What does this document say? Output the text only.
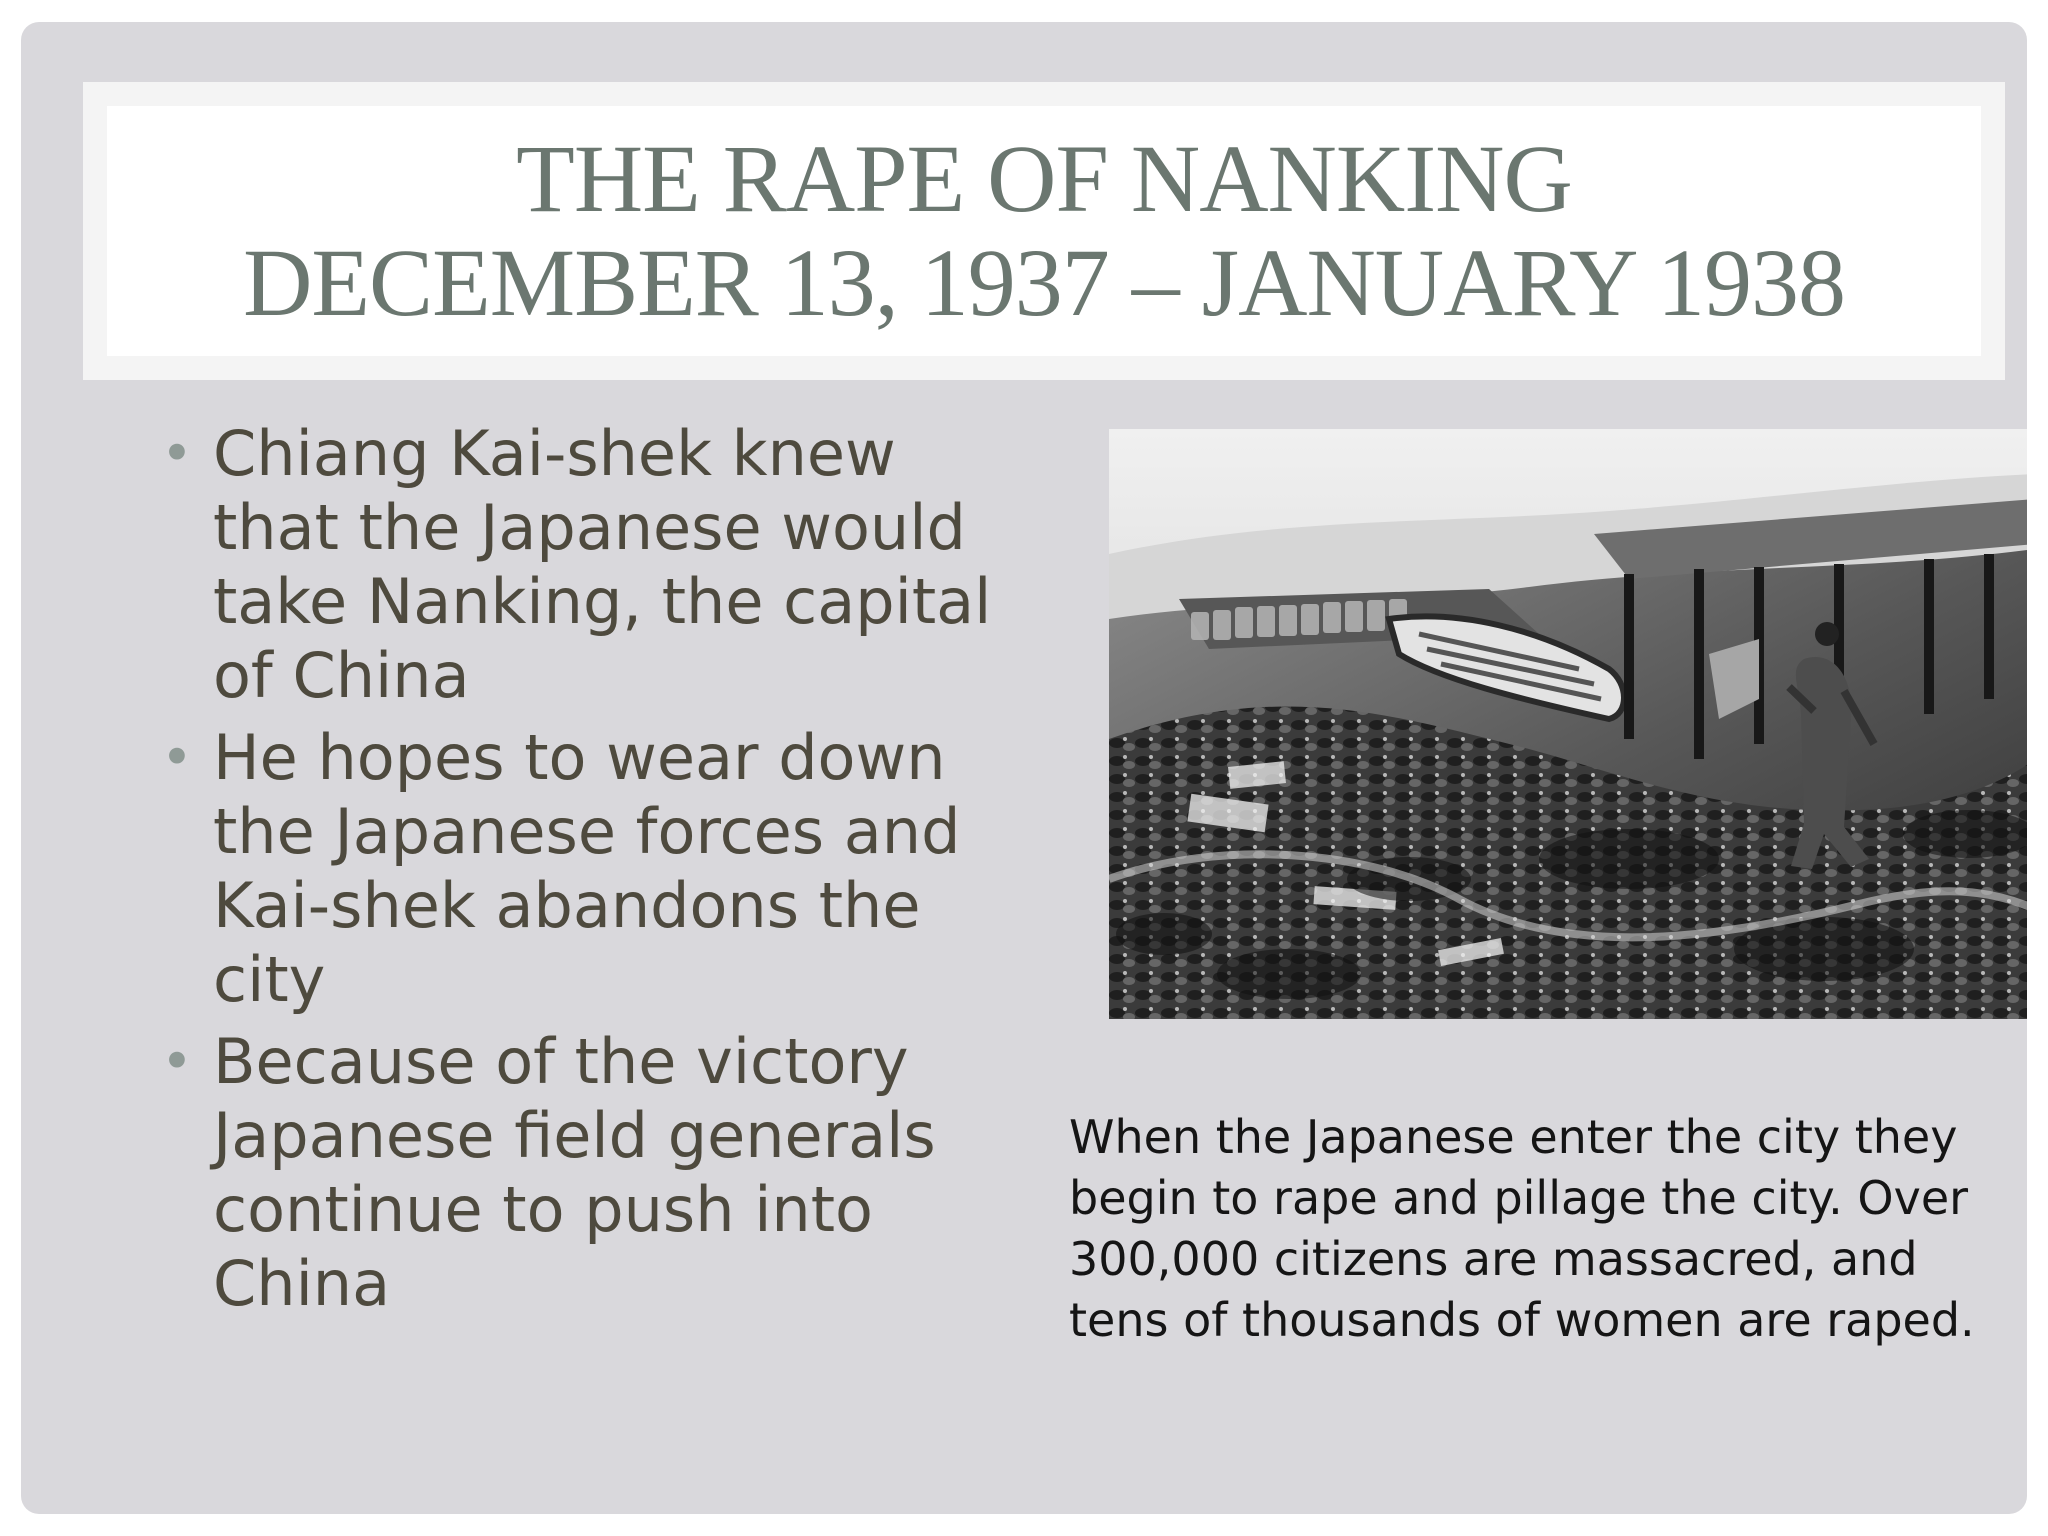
THE RAPE OF NANKING
DECEMBER 13, 1937 – JANUARY 1938
• Chiang Kai-shek knew that the Japanese would take Nanking, the capital of China
• He hopes to wear down the Japanese forces and Kai-shek abandons the city
• Because of the victory Japanese field generals continue to push into China

When the Japanese enter the city they begin to rape and pillage the city. Over 300,000 citizens are massacred, and tens of thousands of women are raped.
